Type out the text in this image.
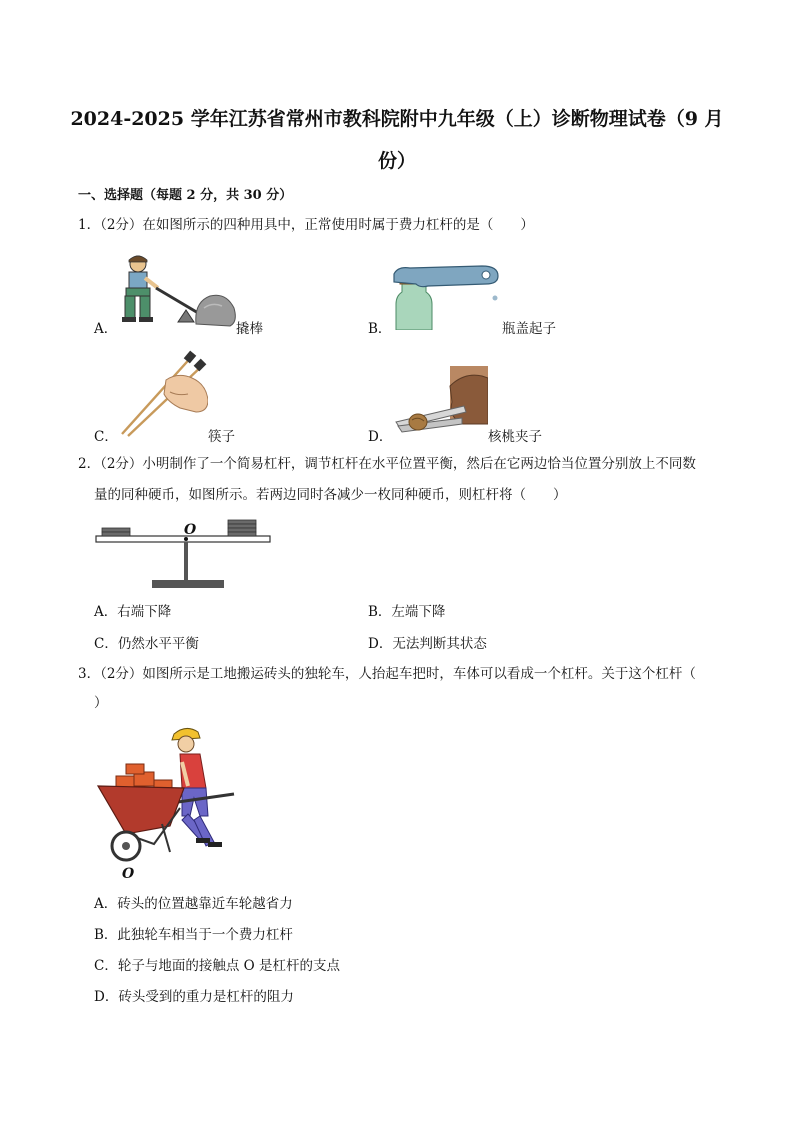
2024-2025 学年江苏省常州市教科院附中九年级（上）诊断物理试卷（9 月
份）
一、选择题（每题 2 分，共 30 分）
1．（2分）在如图所示的四种用具中，正常使用时属于费力杠杆的是（　　）
A．	撬棒	B．	瓶盖起子
C．	筷子	D．	核桃夹子
2．（2分）小明制作了一个简易杠杆，调节杠杆在水平位置平衡，然后在它两边恰当位置分别放上不同数
量的同种硬币，如图所示。若两边同时各减少一枚同种硬币，则杠杆将（　　）
O
A．右端下降	B．左端下降
C．仍然水平平衡	D．无法判断其状态
3．（2分）如图所示是工地搬运砖头的独轮车，人抬起车把时，车体可以看成一个杠杆。关于这个杠杆（
）
O
A．砖头的位置越靠近车轮越省力
B．此独轮车相当于一个费力杠杆
C．轮子与地面的接触点 O 是杠杆的支点
D．砖头受到的重力是杠杆的阻力
